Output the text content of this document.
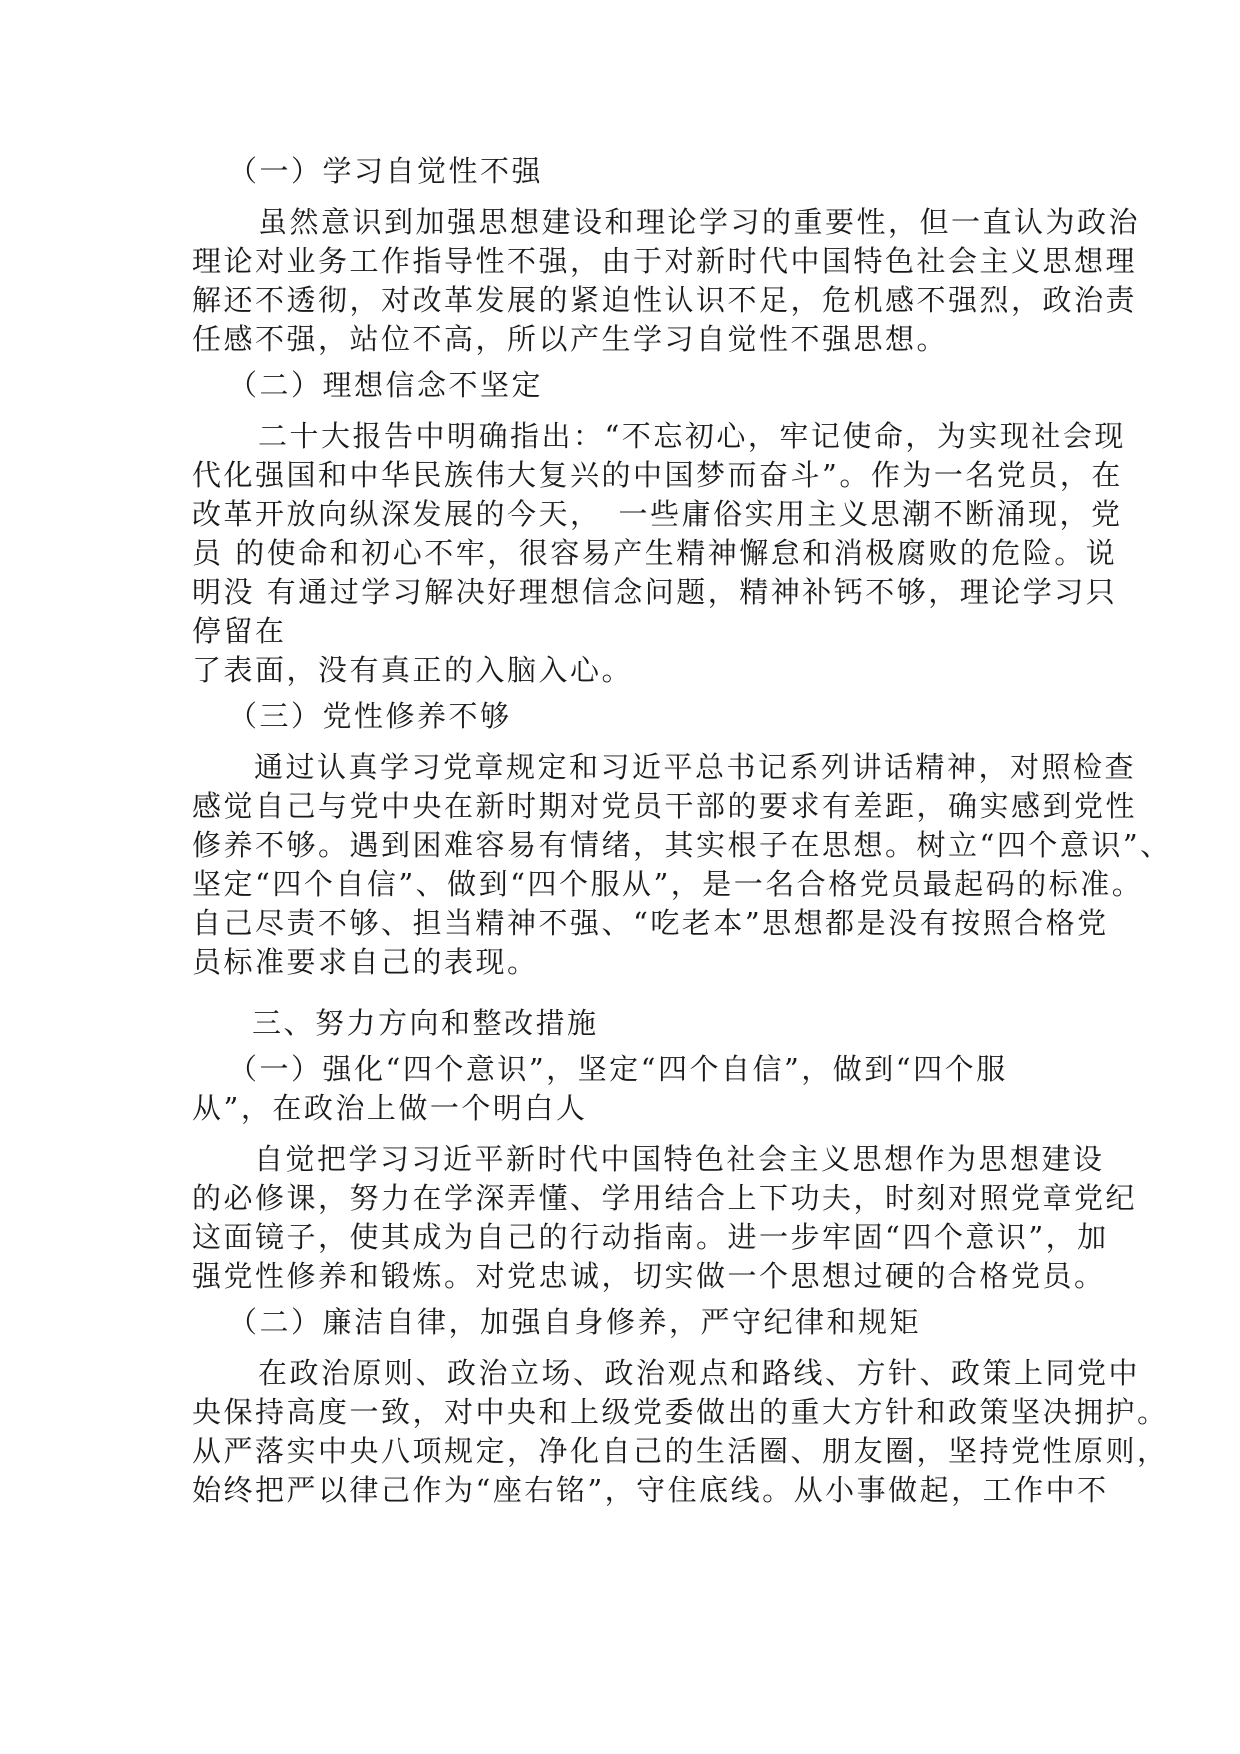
（一）学习自觉性不强
虽然意识到加强思想建设和理论学习的重要性，但一直认为政治
理论对业务工作指导性不强，由于对新时代中国特色社会主义思想理
解还不透彻，对改革发展的紧迫性认识不足，危机感不强烈，政治责
任感不强，站位不高，所以产生学习自觉性不强思想。
（二）理想信念不坚定
二十大报告中明确指出：“不忘初心，牢记使命，为实现社会现
代化强国和中华民族伟大复兴的中国梦而奋斗”。作为一名党员，在
改革开放向纵深发展的今天，　一些庸俗实用主义思潮不断涌现，党
员 的使命和初心不牢，很容易产生精神懈怠和消极腐败的危险。说
明没 有通过学习解决好理想信念问题，精神补钙不够，理论学习只
停留在
了表面，没有真正的入脑入心。
（三）党性修养不够
通过认真学习党章规定和习近平总书记系列讲话精神，对照检查
感觉自己与党中央在新时期对党员干部的要求有差距，确实感到党性
修养不够。遇到困难容易有情绪，其实根子在思想。树立“四个意识”、
坚定“四个自信”、做到“四个服从”，是一名合格党员最起码的标准。
自己尽责不够、担当精神不强、“吃老本”思想都是没有按照合格党
员标准要求自己的表现。
三、努力方向和整改措施
（一）强化“四个意识”，坚定“四个自信”，做到“四个服
从”，在政治上做一个明白人
自觉把学习习近平新时代中国特色社会主义思想作为思想建设
的必修课，努力在学深弄懂、学用结合上下功夫，时刻对照党章党纪
这面镜子，使其成为自己的行动指南。进一步牢固“四个意识”，加
强党性修养和锻炼。对党忠诚，切实做一个思想过硬的合格党员。
（二）廉洁自律，加强自身修养，严守纪律和规矩
在政治原则、政治立场、政治观点和路线、方针、政策上同党中
央保持高度一致，对中央和上级党委做出的重大方针和政策坚决拥护。
从严落实中央八项规定，净化自己的生活圈、朋友圈，坚持党性原则，
始终把严以律己作为“座右铭”，守住底线。从小事做起，工作中不
